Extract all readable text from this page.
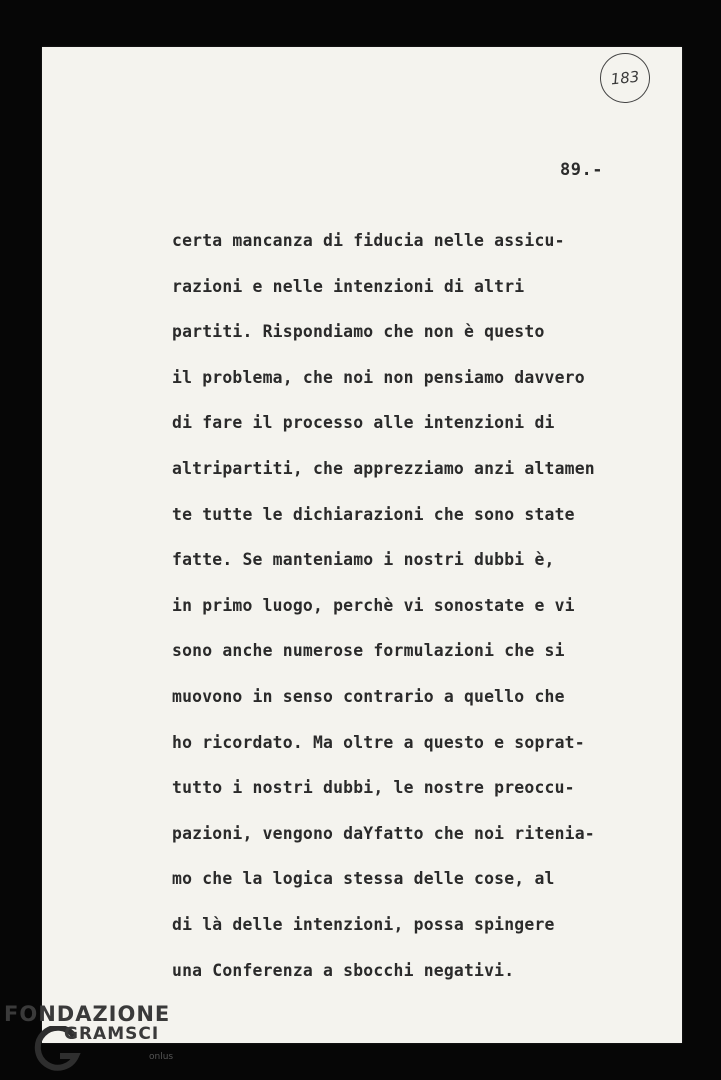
183
89.-
certa mancanza di fiducia nelle assicu-
razioni e nelle intenzioni di altri
partiti. Rispondiamo che non è questo
il problema, che noi non pensiamo davvero
di fare il processo alle intenzioni di
altripartiti, che apprezziamo anzi altamen
te tutte le dichiarazioni che sono state
fatte. Se manteniamo i nostri dubbi è,
in primo luogo, perchè vi sonostate e vi
sono anche numerose formulazioni che si
muovono in senso contrario a quello che
ho ricordato. Ma oltre a questo e soprat-
tutto i nostri dubbi, le nostre preoccu-
pazioni, vengono daYfatto che noi ritenia-
mo che la logica stessa delle cose, al
di là delle intenzioni, possa spingere
una Conferenza a sbocchi negativi.
FONDAZIONE
GRAMSCI
onlus
